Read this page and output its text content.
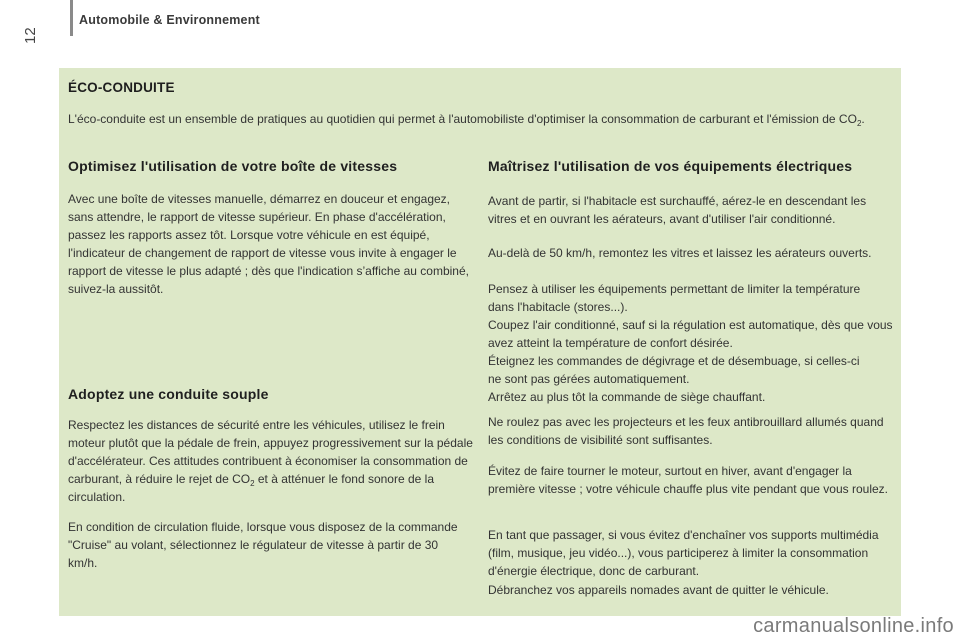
Automobile & Environnement
12
ÉCO-CONDUITE

L'éco-conduite est un ensemble de pratiques au quotidien qui permet à l'automobiliste d'optimiser la consommation de carburant et l'émission de $CO_2$.

Optimisez l'utilisation de votre boîte de vitesses

Avec une boîte de vitesses manuelle, démarrez en douceur et engagez, sans attendre, le rapport de vitesse supérieur. En phase d'accélération, passez les rapports assez tôt. Lorsque votre véhicule en est équipé, l'indicateur de changement de rapport de vitesse vous invite à engager le rapport de vitesse le plus adapté ; dès que l'indication s’affiche au combiné, suivez-la aussitôt.

Adoptez une conduite souple

Respectez les distances de sécurité entre les véhicules, utilisez le frein moteur plutôt que la pédale de frein, appuyez progressivement sur la pédale d'accélérateur. Ces attitudes contribuent à économiser la consommation de carburant, à réduire le rejet de $CO_2$ et à atténuer le fond sonore de la circulation.

En condition de circulation fluide, lorsque vous disposez de la commande "Cruise" au volant, sélectionnez le régulateur de vitesse à partir de 30 km/h.

Maîtrisez l'utilisation de vos équipements électriques

Avant de partir, si l'habitacle est surchauffé, aérez-le en descendant les vitres et en ouvrant les aérateurs, avant d'utiliser l'air conditionné.

Au-delà de 50 km/h, remontez les vitres et laissez les aérateurs ouverts.

Pensez à utiliser les équipements permettant de limiter la température dans l'habitacle (stores...).

Coupez l'air conditionné, sauf si la régulation est automatique, dès que vous avez atteint la température de confort désirée.

Éteignez les commandes de dégivrage et de désembuage, si celles-ci ne sont pas gérées automatiquement.

Arrêtez au plus tôt la commande de siège chauffant.

Ne roulez pas avec les projecteurs et les feux antibrouillard allumés quand les conditions de visibilité sont suffisantes.

Évitez de faire tourner le moteur, surtout en hiver, avant d'engager la première vitesse ; votre véhicule chauffe plus vite pendant que vous roulez.

En tant que passager, si vous évitez d'enchaîner vos supports multimédia (film, musique, jeu vidéo...), vous participerez à limiter la consommation d'énergie électrique, donc de carburant.

Débranchez vos appareils nomades avant de quitter le véhicule.

carmanualsonline.info
